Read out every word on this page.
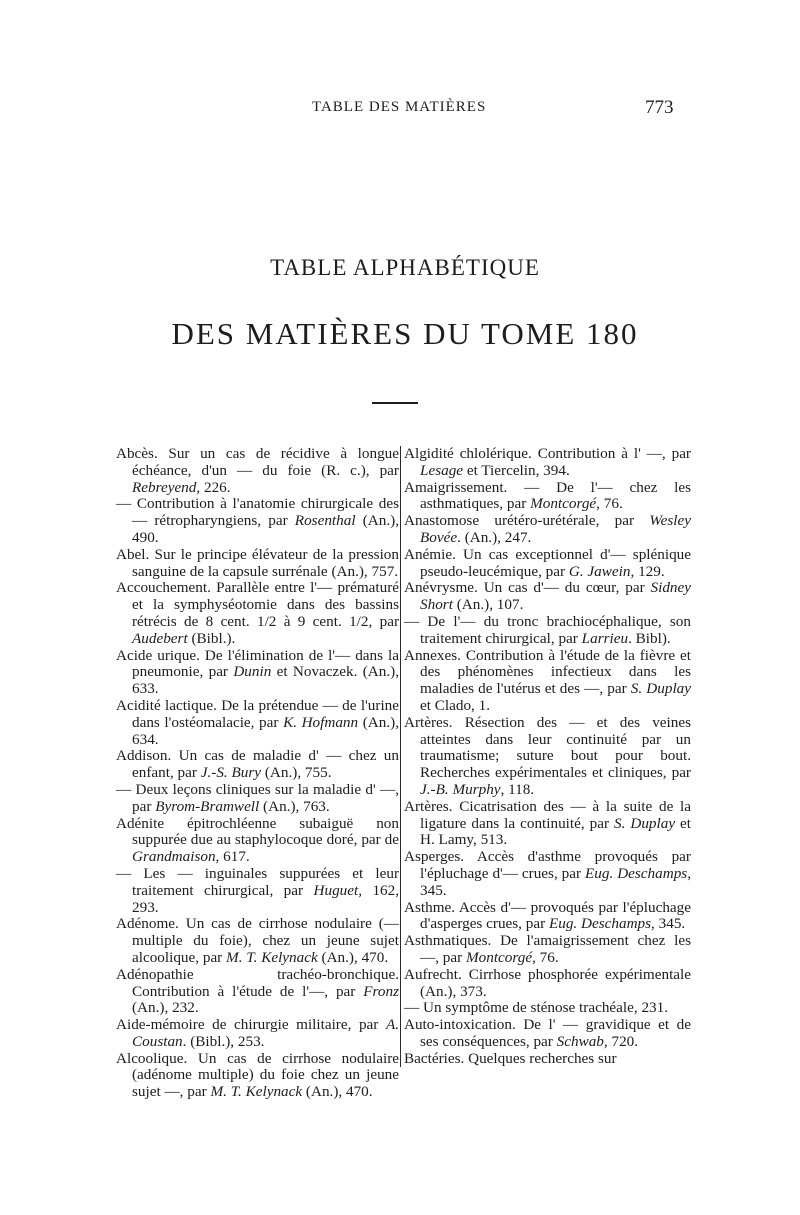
TABLE DES MATIÈRES	773
TABLE ALPHABÉTIQUE
DES MATIÈRES DU TOME 180

Abcès. Sur un cas de récidive à longue échéance, d'un — du foie (R. c.), par Rebreyend, 226.

— Contribution à l'anatomie chirurgicale des — rétropharyngiens, par Rosenthal (An.), 490.

Abel. Sur le principe élévateur de la pression sanguine de la capsule surrénale (An.), 757.

Accouchement. Parallèle entre l'— prématuré et la symphyséotomie dans des bassins rétrécis de 8 cent. 1/2 à 9 cent. 1/2, par Audebert (Bibl.).

Acide urique. De l'élimination de l'— dans la pneumonie, par Dunin et Novaczek. (An.), 633.

Acidité lactique. De la prétendue — de l'urine dans l'ostéomalacie, par K. Hofmann (An.), 634.

Addison. Un cas de maladie d' — chez un enfant, par J.-S. Bury (An.), 755.

— Deux leçons cliniques sur la maladie d' —, par Byrom-Bramwell (An.), 763.

Adénite épitrochléenne subaiguë non suppurée due au staphylocoque doré, par de Grandmaison, 617.

— Les — inguinales suppurées et leur traitement chirurgical, par Huguet, 162, 293.

Adénome. Un cas de cirrhose nodulaire (— multiple du foie), chez un jeune sujet alcoolique, par M. T. Kelynack (An.), 470.

Adénopathie	trachéo-bronchique. Contribution à l'étude de l'—, par Fronz (An.), 232.

Aide-mémoire de chirurgie militaire, par A. Coustan. (Bibl.), 253.

Alcoolique. Un cas de cirrhose nodulaire (adénome multiple) du foie chez un jeune sujet —, par M. T. Kelynack (An.), 470.

Algidité chlolérique. Contribution à l' —, par Lesage et Tiercelin, 394.

Amaigrissement. — De l'— chez les asthmatiques, par Montcorgé, 76.

Anastomose urétéro-urétérale, par Wesley Bovée. (An.), 247.

Anémie. Un cas exceptionnel d'— splénique pseudo-leucémique, par G. Jawein, 129.

Anévrysme. Un cas d'— du cœur, par Sidney Short (An.), 107.

— De l'— du tronc brachiocéphalique, son traitement chirurgical, par Larrieu. Bibl).

Annexes. Contribution à l'étude de la fièvre et des phénomènes infectieux dans les maladies de l'utérus et des —, par S. Duplay et Clado, 1.

Artères. Résection des — et des veines atteintes dans leur continuité par un traumatisme; suture bout pour bout. Recherches expérimentales et cliniques, par J.-B. Murphy, 118.

Artères. Cicatrisation des — à la suite de la ligature dans la continuité, par S. Duplay et H. Lamy, 513.

Asperges. Accès d'asthme provoqués par l'épluchage d'— crues, par Eug. Deschamps, 345.

Asthme. Accès d'— provoqués par l'épluchage d'asperges crues, par Eug. Deschamps, 345.

Asthmatiques. De l'amaigrissement chez les —, par Montcorgé, 76.

Aufrecht. Cirrhose phosphorée expérimentale (An.), 373.

— Un symptôme de sténose trachéale, 231.

Auto-intoxication. De l' — gravidique et de ses conséquences, par Schwab, 720.

Bactéries. Quelques recherches sur
